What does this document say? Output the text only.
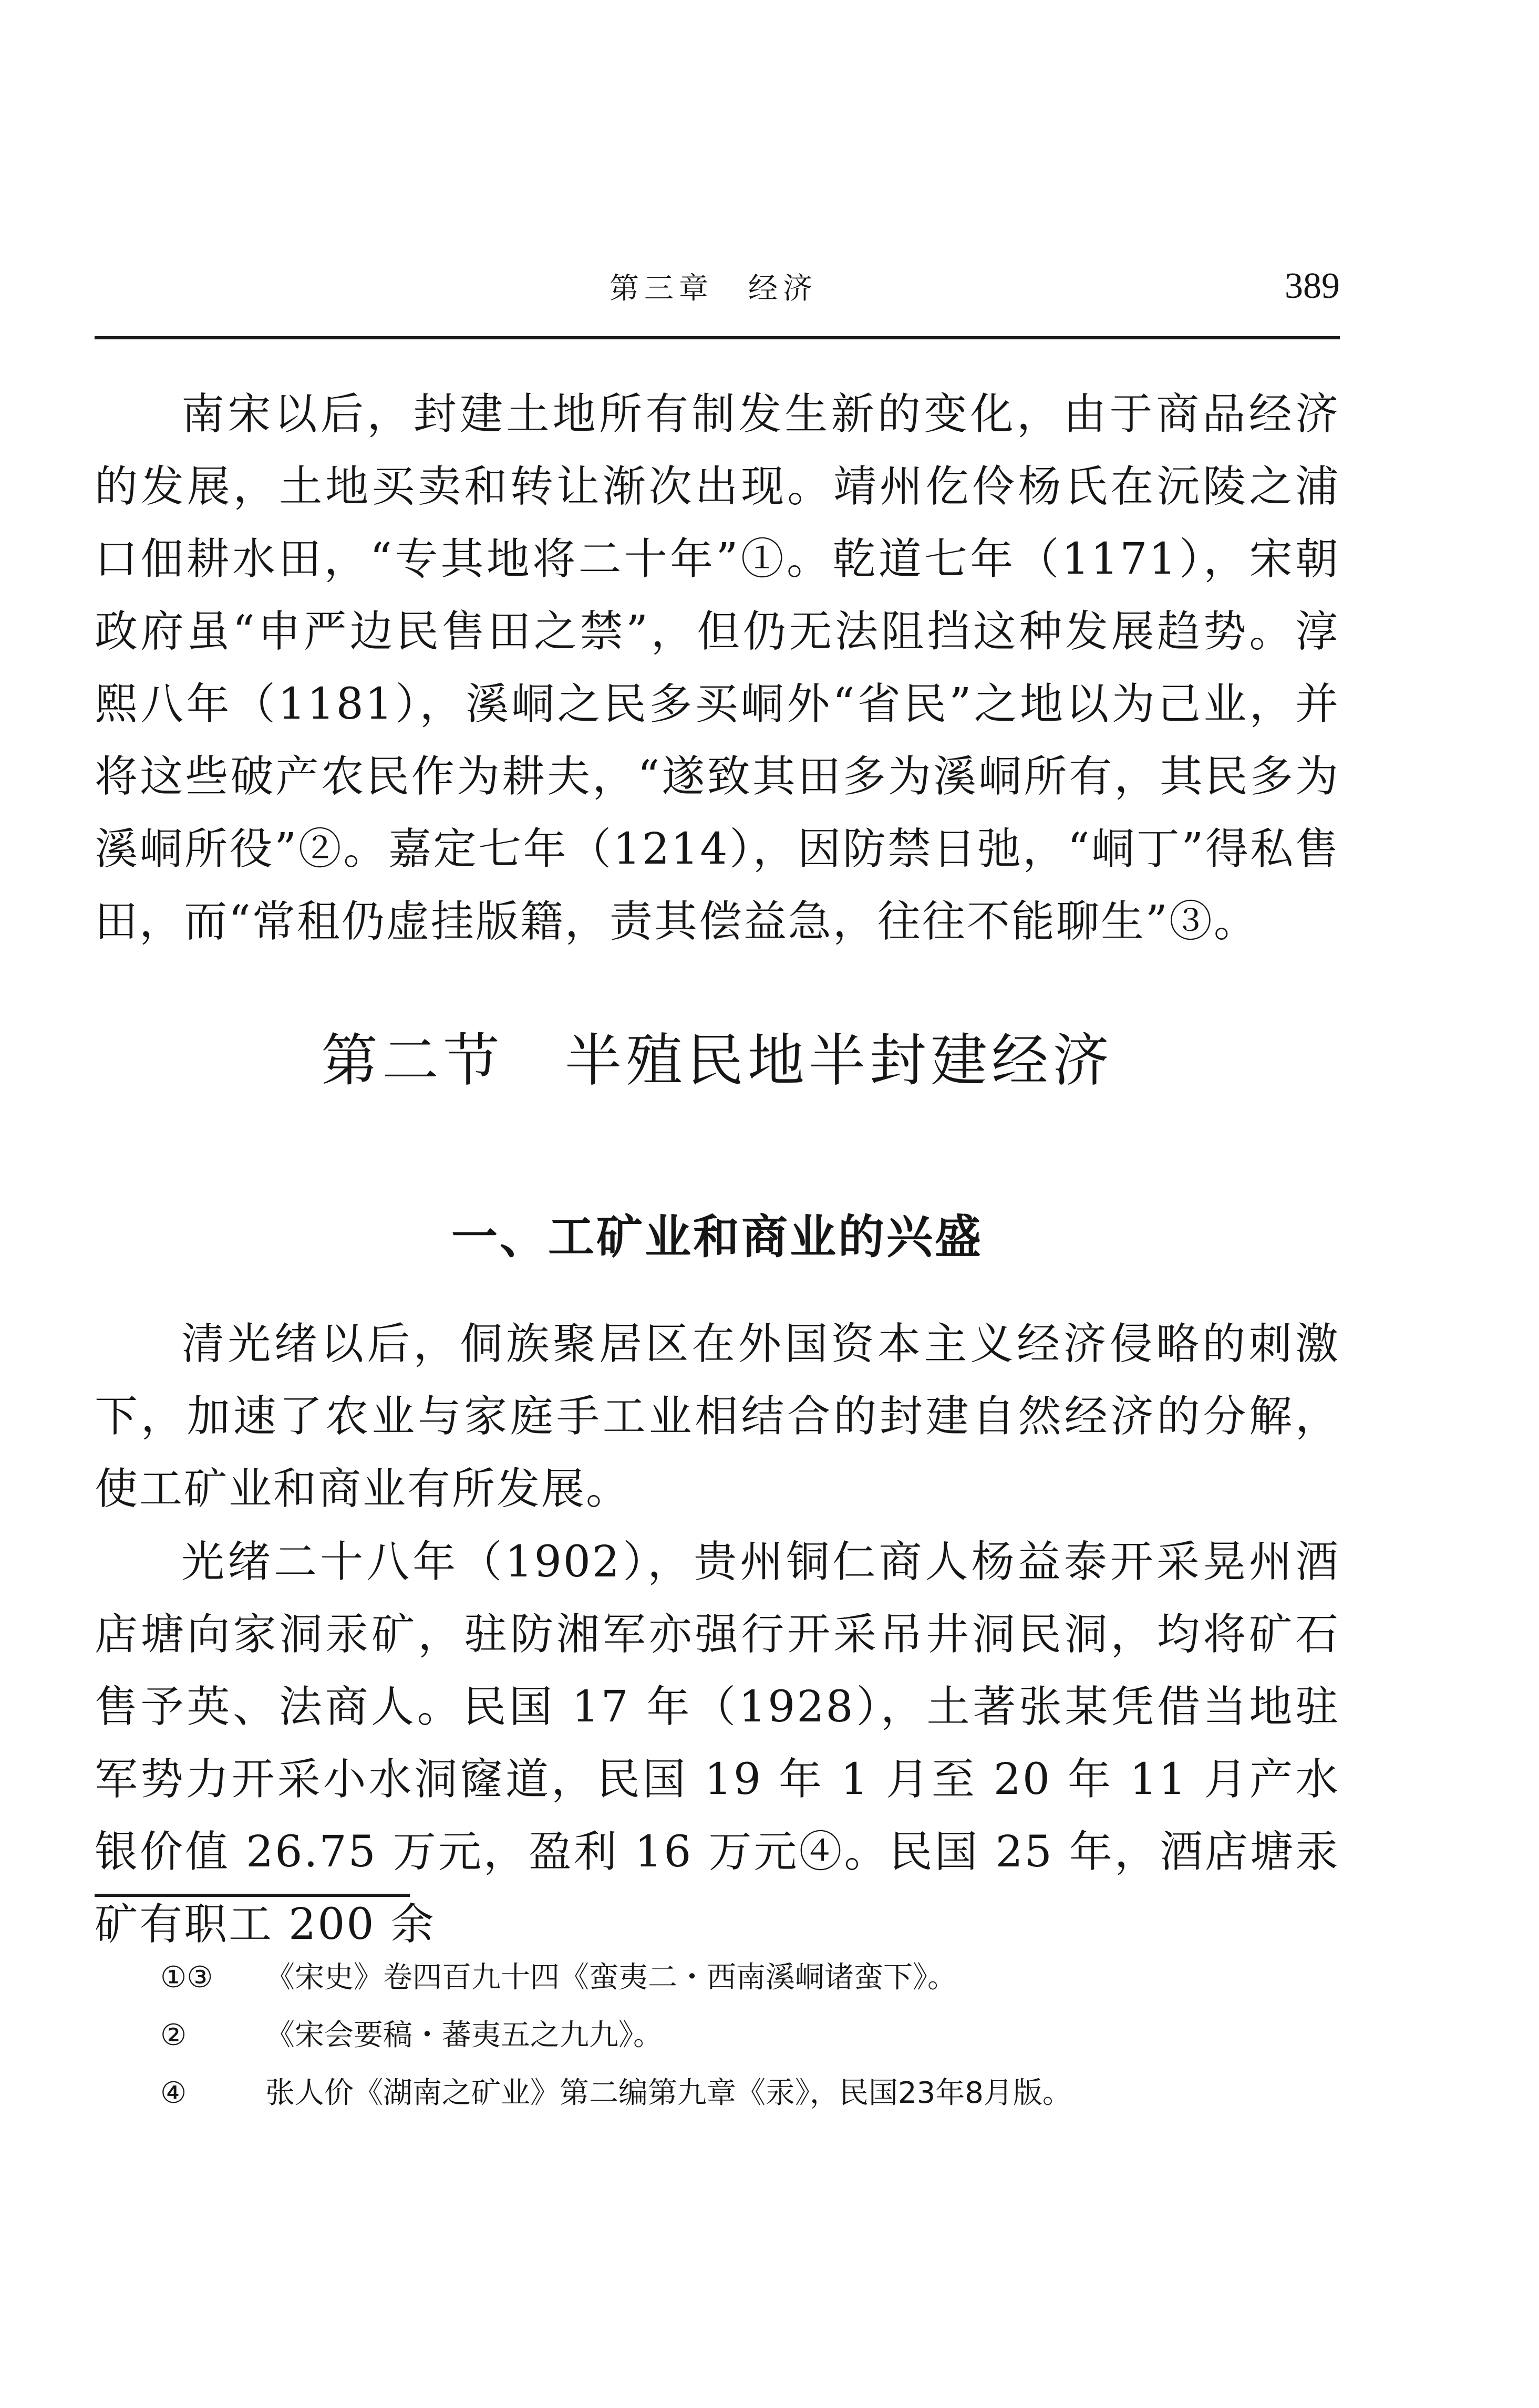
第三章　经济	389
南宋以后，封建土地所有制发生新的变化，由于商品经济的发展，土地买卖和转让渐次出现。靖州仡伶杨氏在沅陵之浦口佃耕水田，“专其地将二十年”①。乾道七年（1171），宋朝政府虽“申严边民售田之禁”，但仍无法阻挡这种发展趋势。淳熙八年（1181），溪峒之民多买峒外“省民”之地以为己业，并将这些破产农民作为耕夫，“遂致其田多为溪峒所有，其民多为溪峒所役”②。嘉定七年（1214），因防禁日弛，“峒丁”得私售田，而“常租仍虚挂版籍，责其偿益急，往往不能聊生”③。
第二节　半殖民地半封建经济
一、工矿业和商业的兴盛
清光绪以后，侗族聚居区在外国资本主义经济侵略的刺激下，加速了农业与家庭手工业相结合的封建自然经济的分解，使工矿业和商业有所发展。
光绪二十八年（1902），贵州铜仁商人杨益泰开采晃州酒店塘向家洞汞矿，驻防湘军亦强行开采吊井洞民洞，均将矿石售予英、法商人。民国 17 年（1928），土著张某凭借当地驻军势力开采小水洞窿道，民国 19 年 1 月至 20 年 11 月产水银价值 26.75 万元，盈利 16 万元④。民国 25 年，酒店塘汞矿有职工 200 余
①③ 《宋史》卷四百九十四《蛮夷二・西南溪峒诸蛮下》。
②	《宋会要稿・蕃夷五之九九》。
④	张人价《湖南之矿业》第二编第九章《汞》，民国23年8月版。
